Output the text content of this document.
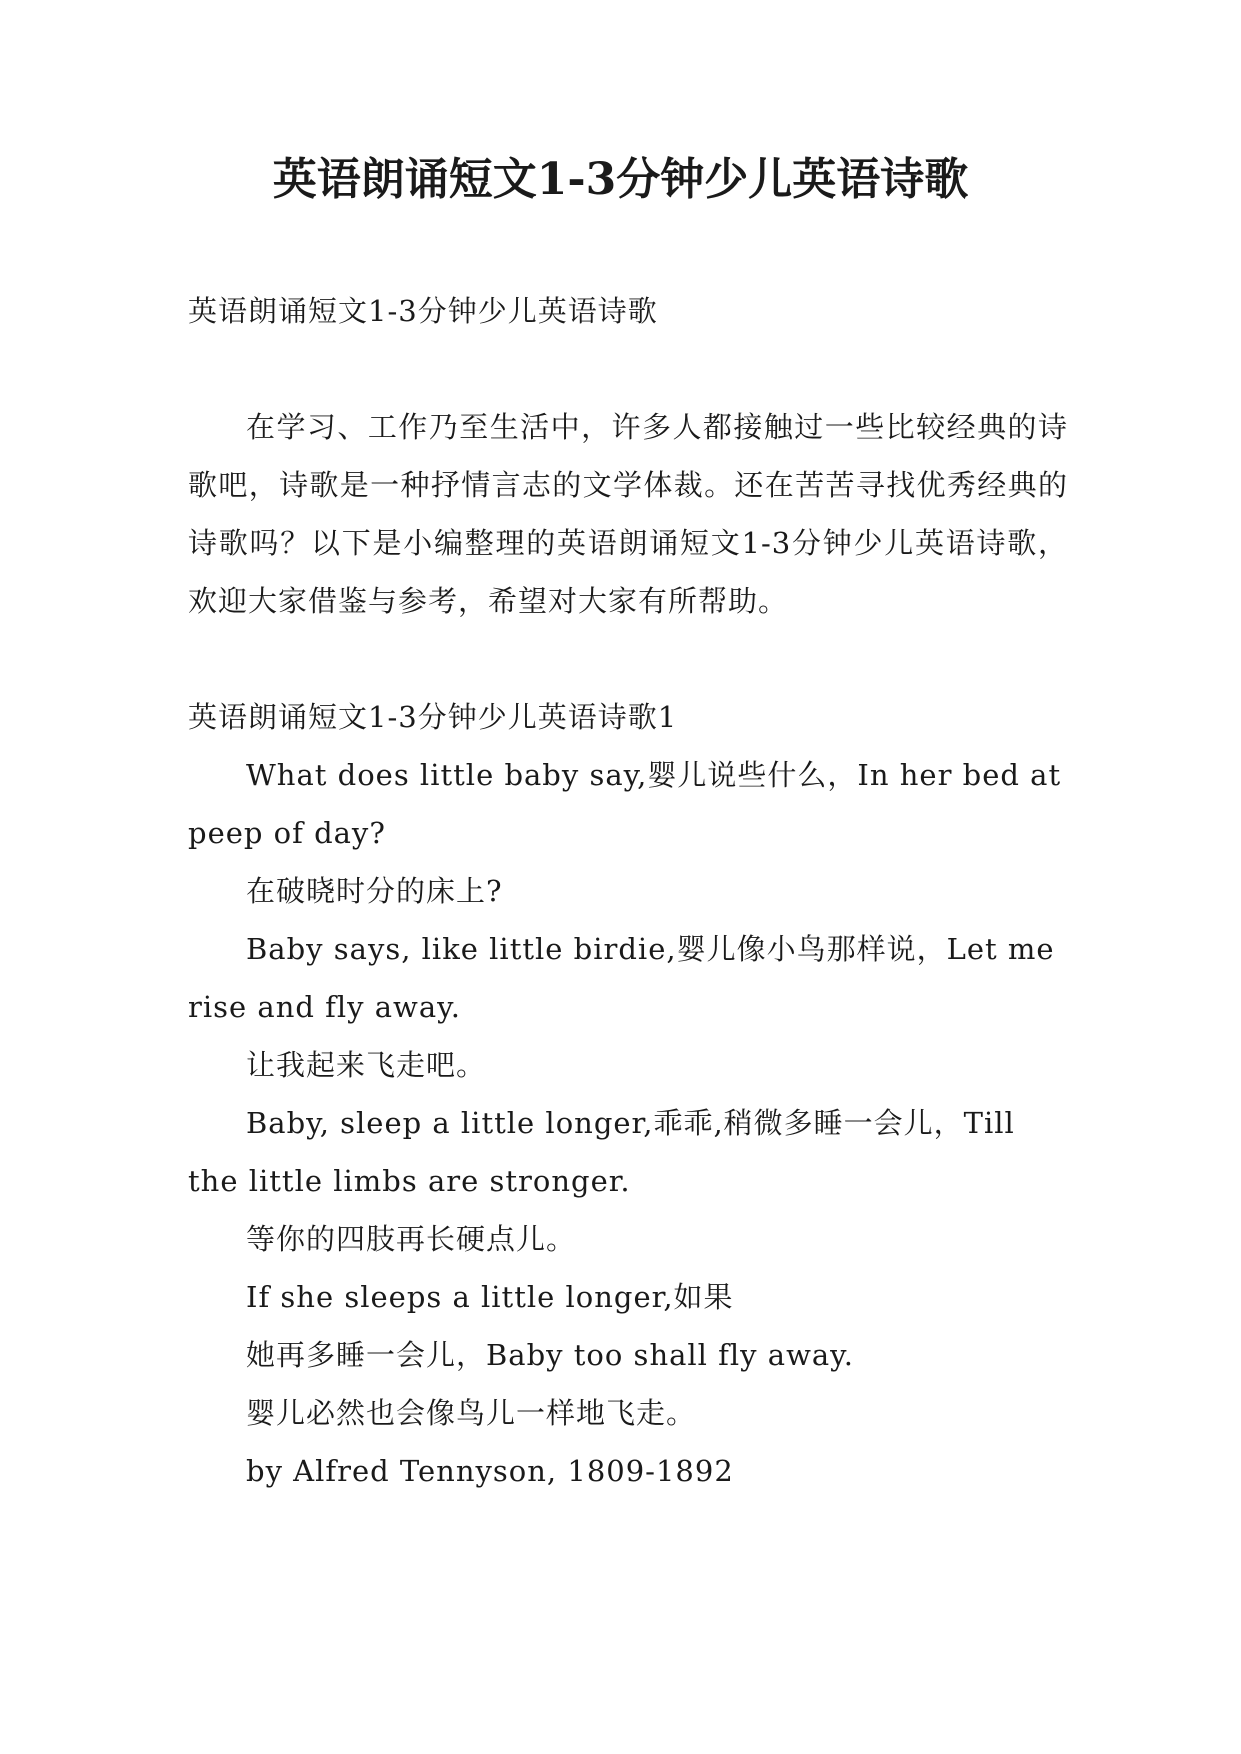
英语朗诵短文1-3分钟少儿英语诗歌

英语朗诵短文1-3分钟少儿英语诗歌

在学习、工作乃至生活中，许多人都接触过一些比较经典的诗歌吧，诗歌是一种抒情言志的文学体裁。还在苦苦寻找优秀经典的诗歌吗？以下是小编整理的英语朗诵短文1-3分钟少儿英语诗歌，欢迎大家借鉴与参考，希望对大家有所帮助。

英语朗诵短文1-3分钟少儿英语诗歌1

What does little baby say,婴儿说些什么，In her bed at peep of day?

在破晓时分的床上?

Baby says, like little birdie,婴儿像小鸟那样说，Let me rise and fly away.

让我起来飞走吧。

Baby, sleep a little longer,乖乖,稍微多睡一会儿，Till the little limbs are stronger.

等你的四肢再长硬点儿。

If she sleeps a little longer,如果

她再多睡一会儿，Baby too shall fly away.

婴儿必然也会像鸟儿一样地飞走。

by Alfred Tennyson, 1809-1892
